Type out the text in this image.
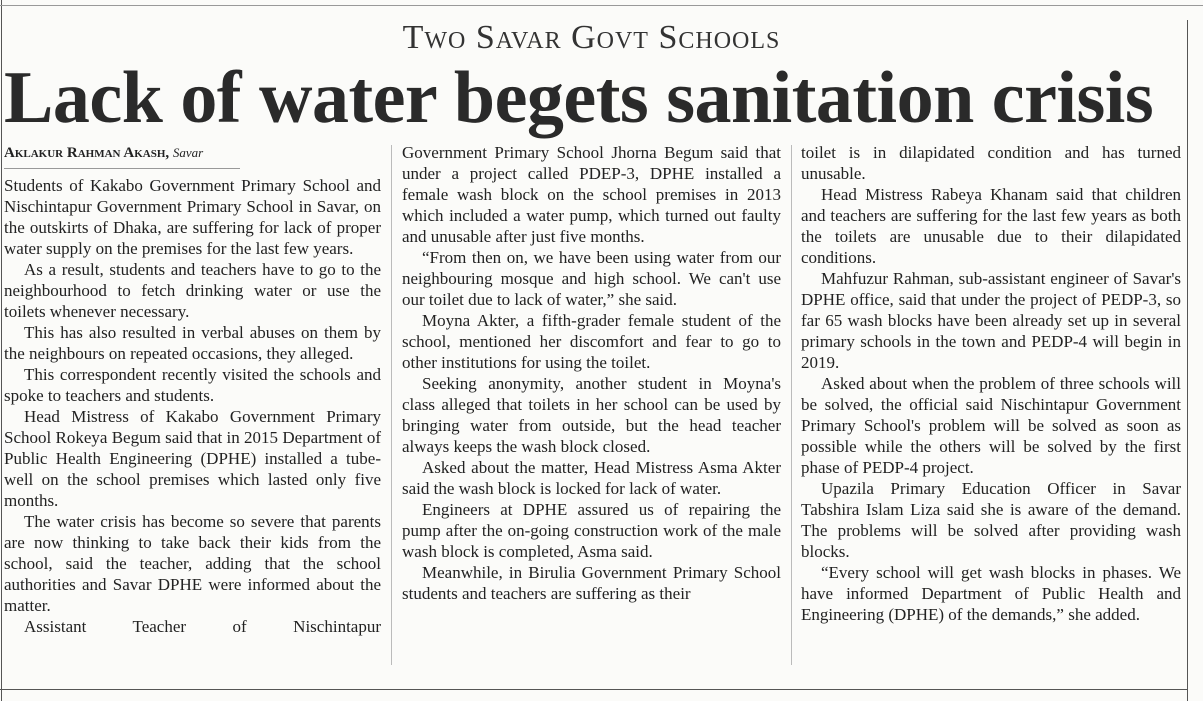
Two Savar Govt Schools
Lack of water begets sanitation crisis
Aklakur Rahman Akash, Savar

Students of Kakabo Government Primary School and Nischintapur Government Primary School in Savar, on the outskirts of Dhaka, are suffering for lack of proper water supply on the premises for the last few years.

As a result, students and teachers have to go to the neighbourhood to fetch drinking water or use the toilets whenever necessary.

This has also resulted in verbal abuses on them by the neighbours on repeated occasions, they alleged.

This correspondent recently visited the schools and spoke to teachers and students.

Head Mistress of Kakabo Government Primary School Rokeya Begum said that in 2015 Department of Public Health Engineering (DPHE) installed a tube-well on the school premises which lasted only five months.

The water crisis has become so severe that parents are now thinking to take back their kids from the school, said the teacher, adding that the school authorities and Savar DPHE were informed about the matter.

Assistant Teacher of Nischintapur

Government Primary School Jhorna Begum said that under a project called PDEP-3, DPHE installed a female wash block on the school premises in 2013 which included a water pump, which turned out faulty and unusable after just five months.

“From then on, we have been using water from our neighbouring mosque and high school. We can't use our toilet due to lack of water,” she said.

Moyna Akter, a fifth-grader female student of the school, mentioned her discomfort and fear to go to other institutions for using the toilet.

Seeking anonymity, another student in Moyna's class alleged that toilets in her school can be used by bringing water from outside, but the head teacher always keeps the wash block closed.

Asked about the matter, Head Mistress Asma Akter said the wash block is locked for lack of water.

Engineers at DPHE assured us of repairing the pump after the on-going construction work of the male wash block is completed, Asma said.

Meanwhile, in Birulia Government Primary School students and teachers are suffering as their

toilet is in dilapidated condition and has turned unusable.

Head Mistress Rabeya Khanam said that children and teachers are suffering for the last few years as both the toilets are unusable due to their dilapidated conditions.

Mahfuzur Rahman, sub-assistant engineer of Savar's DPHE office, said that under the project of PEDP-3, so far 65 wash blocks have been already set up in several primary schools in the town and PEDP-4 will begin in 2019.

Asked about when the problem of three schools will be solved, the official said Nischintapur Government Primary School's problem will be solved as soon as possible while the others will be solved by the first phase of PEDP-4 project.

Upazila Primary Education Officer in Savar Tabshira Islam Liza said she is aware of the demand. The problems will be solved after providing wash blocks.

“Every school will get wash blocks in phases. We have informed Department of Public Health and Engineering (DPHE) of the demands,” she added.
